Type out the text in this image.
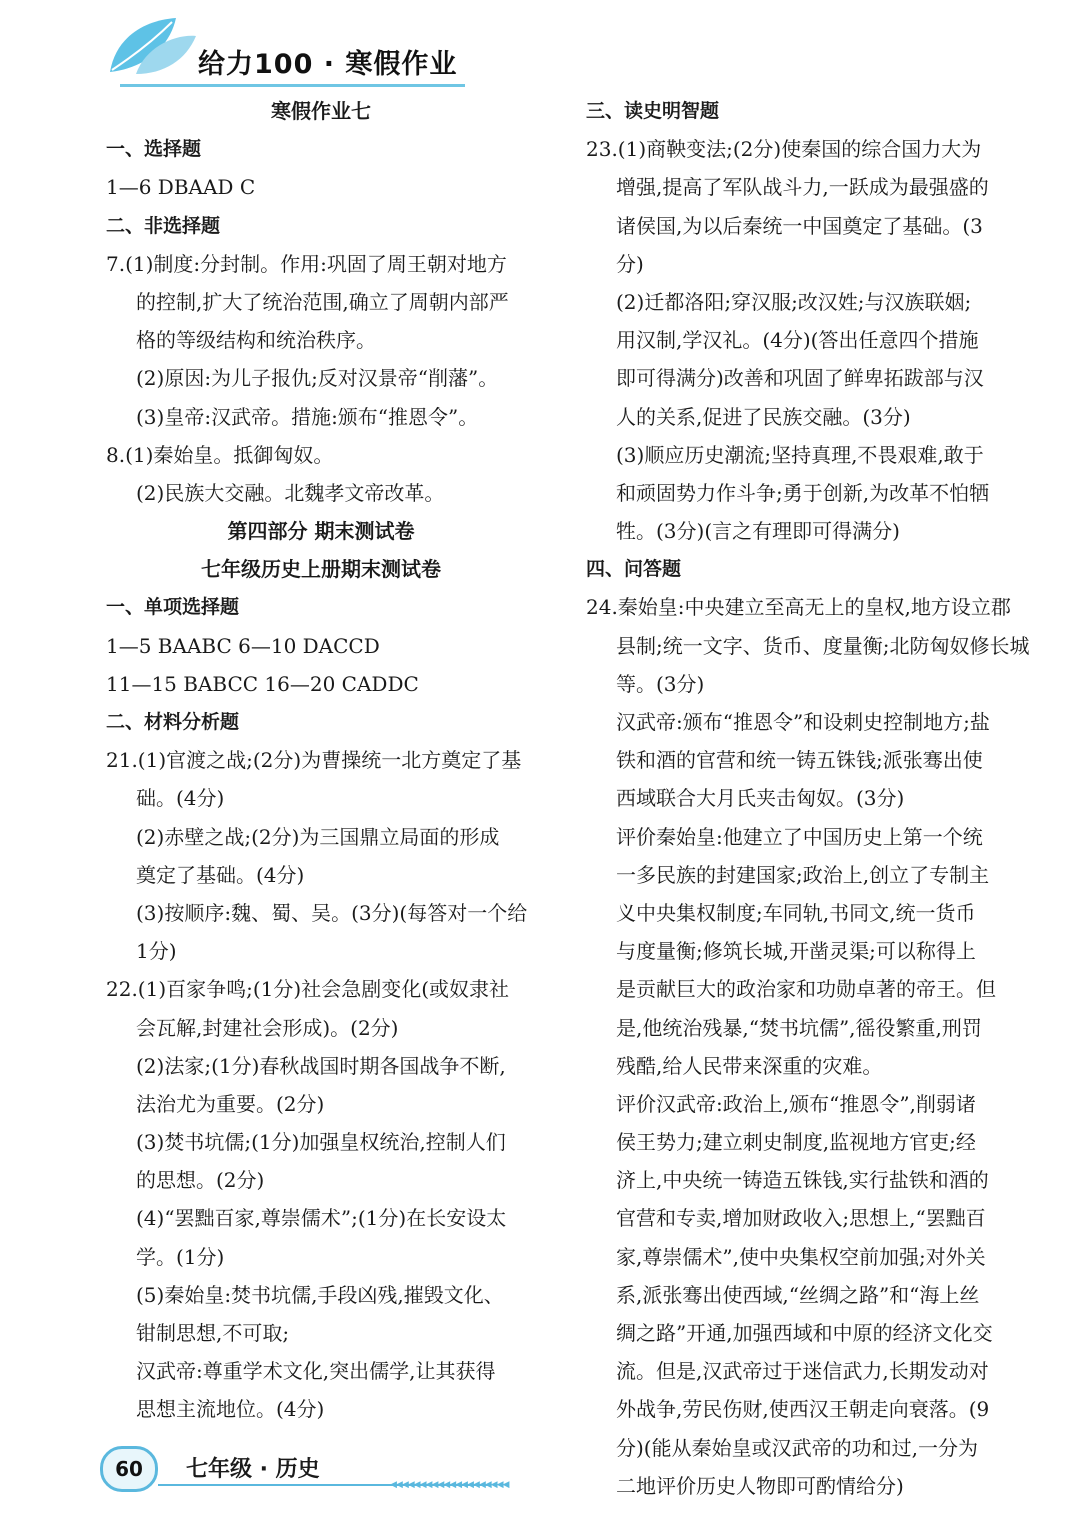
给力100 · 寒假作业
寒假作业七
一、选择题
1—6 DBAAD C
二、非选择题
7.(1)制度:分封制。作用:巩固了周王朝对地方
的控制,扩大了统治范围,确立了周朝内部严
格的等级结构和统治秩序。
(2)原因:为儿子报仇;反对汉景帝“削藩”。
(3)皇帝:汉武帝。措施:颁布“推恩令”。
8.(1)秦始皇。抵御匈奴。
(2)民族大交融。北魏孝文帝改革。
第四部分 期末测试卷
七年级历史上册期末测试卷
一、单项选择题
1—5 BAABC 6—10 DACCD
11—15 BABCC 16—20 CADDC
二、材料分析题
21.(1)官渡之战;(2分)为曹操统一北方奠定了基
础。(4分)
(2)赤壁之战;(2分)为三国鼎立局面的形成
奠定了基础。(4分)
(3)按顺序:魏、蜀、吴。(3分)(每答对一个给
1分)
22.(1)百家争鸣;(1分)社会急剧变化(或奴隶社
会瓦解,封建社会形成)。(2分)
(2)法家;(1分)春秋战国时期各国战争不断,
法治尤为重要。(2分)
(3)焚书坑儒;(1分)加强皇权统治,控制人们
的思想。(2分)
(4)“罢黜百家,尊崇儒术”;(1分)在长安设太
学。(1分)
(5)秦始皇:焚书坑儒,手段凶残,摧毁文化、
钳制思想,不可取;
汉武帝:尊重学术文化,突出儒学,让其获得
思想主流地位。(4分)
三、读史明智题
23.(1)商鞅变法;(2分)使秦国的综合国力大为
增强,提高了军队战斗力,一跃成为最强盛的
诸侯国,为以后秦统一中国奠定了基础。(3
分)
(2)迁都洛阳;穿汉服;改汉姓;与汉族联姻;
用汉制,学汉礼。(4分)(答出任意四个措施
即可得满分)改善和巩固了鲜卑拓跋部与汉
人的关系,促进了民族交融。(3分)
(3)顺应历史潮流;坚持真理,不畏艰难,敢于
和顽固势力作斗争;勇于创新,为改革不怕牺
牲。(3分)(言之有理即可得满分)
四、问答题
24.秦始皇:中央建立至高无上的皇权,地方设立郡
县制;统一文字、货币、度量衡;北防匈奴修长城
等。(3分)
汉武帝:颁布“推恩令”和设刺史控制地方;盐
铁和酒的官营和统一铸五铢钱;派张骞出使
西域联合大月氏夹击匈奴。(3分)
评价秦始皇:他建立了中国历史上第一个统
一多民族的封建国家;政治上,创立了专制主
义中央集权制度;车同轨,书同文,统一货币
与度量衡;修筑长城,开凿灵渠;可以称得上
是贡献巨大的政治家和功勋卓著的帝王。但
是,他统治残暴,“焚书坑儒”,徭役繁重,刑罚
残酷,给人民带来深重的灾难。
评价汉武帝:政治上,颁布“推恩令”,削弱诸
侯王势力;建立刺史制度,监视地方官吏;经
济上,中央统一铸造五铢钱,实行盐铁和酒的
官营和专卖,增加财政收入;思想上,“罢黜百
家,尊崇儒术”,使中央集权空前加强;对外关
系,派张骞出使西域,“丝绸之路”和“海上丝
绸之路”开通,加强西域和中原的经济文化交
流。但是,汉武帝过于迷信武力,长期发动对
外战争,劳民伤财,使西汉王朝走向衰落。(9
分)(能从秦始皇或汉武帝的功和过,一分为
二地评价历史人物即可酌情给分)
60	七年级 · 历史
◀◀◀◀◀◀◀◀◀◀◀◀◀◀◀◀◀◀◀◀
